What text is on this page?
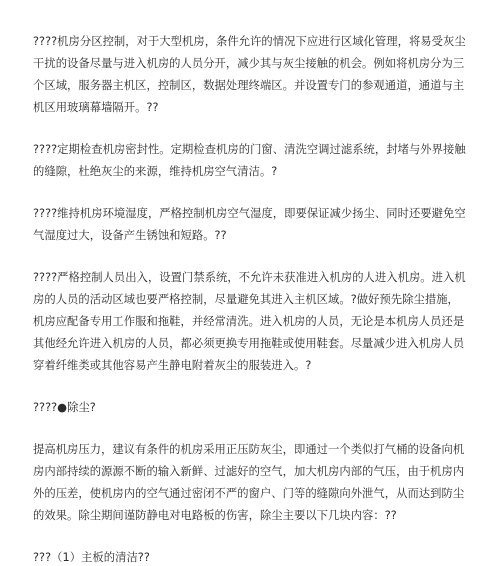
????机房分区控制，对于大型机房，条件允许的情况下应进行区域化管理，将易受灰尘干扰的设备尽量与进入机房的人员分开，减少其与灰尘接触的机会。例如将机房分为三个区域，服务器主机区，控制区，数据处理终端区。并设置专门的参观通道，通道与主机区用玻璃幕墙隔开。??

????定期检查机房密封性。定期检查机房的门窗、清洗空调过滤系统，封堵与外界接触的缝隙，杜绝灰尘的来源，维持机房空气清洁。?

????维持机房环境湿度，严格控制机房空气湿度，即要保证减少扬尘、同时还要避免空气湿度过大，设备产生锈蚀和短路。??

????严格控制人员出入，设置门禁系统，不允许未获准进入机房的人进入机房。进入机房的人员的活动区域也要严格控制，尽量避免其进入主机区域。?做好预先除尘措施，机房应配备专用工作服和拖鞋，并经常清洗。进入机房的人员，无论是本机房人员还是其他经允许进入机房的人员，都必须更换专用拖鞋或使用鞋套。尽量减少进入机房人员穿着纤维类或其他容易产生静电附着灰尘的服装进入。?

????●除尘?

提高机房压力，建议有条件的机房采用正压防灰尘，即通过一个类似打气桶的设备向机房内部持续的源源不断的输入新鲜、过滤好的空气，加大机房内部的气压，由于机房内外的压差，使机房内的空气通过密闭不严的窗户、门等的缝隙向外泄气，从而达到防尘的效果。除尘期间谨防静电对电路板的伤害，除尘主要以下几块内容：??

???（1）主板的清洁??
